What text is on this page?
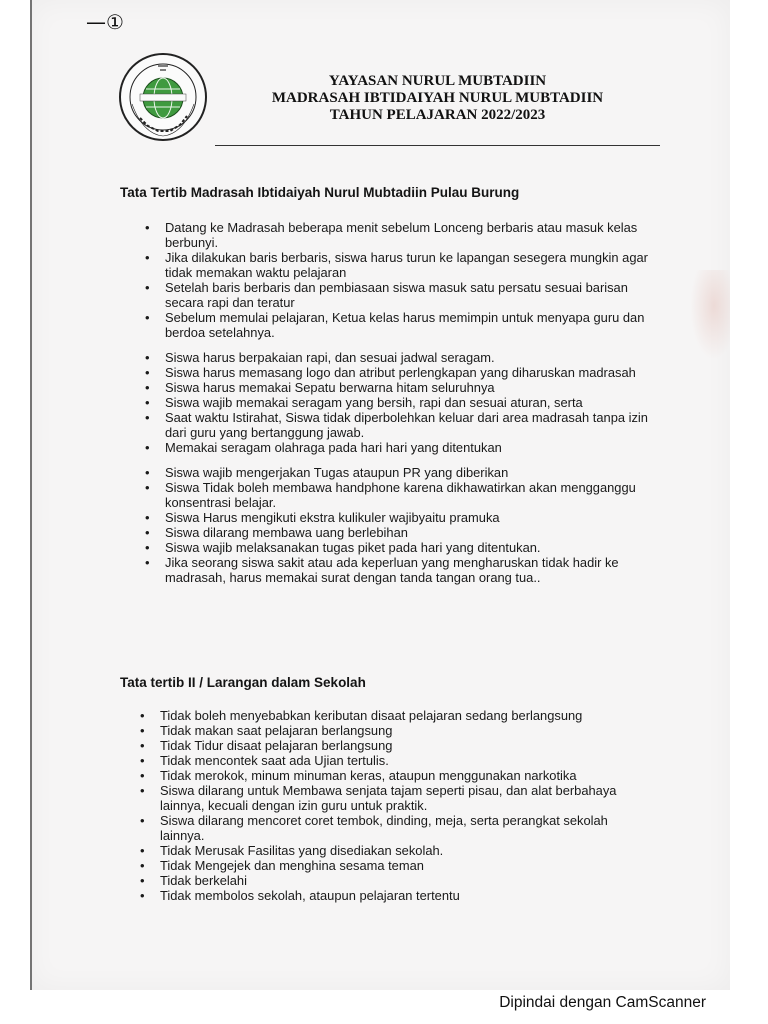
—①
YAYASAN NURUL MUBTADIIN
MADRASAH IBTIDAIYAH NURUL MUBTADIIN
TAHUN PELAJARAN 2022/2023
Tata Tertib Madrasah Ibtidaiyah Nurul Mubtadiin Pulau Burung
• Datang ke Madrasah beberapa menit sebelum Lonceng berbaris atau masuk kelas berbunyi.
• Jika dilakukan baris berbaris, siswa harus turun ke lapangan sesegera mungkin agar tidak memakan waktu pelajaran
• Setelah baris berbaris dan pembiasaan siswa masuk satu persatu sesuai barisan secara rapi dan teratur
• Sebelum memulai pelajaran, Ketua kelas harus memimpin untuk menyapa guru dan berdoa setelahnya.
• Siswa harus berpakaian rapi, dan sesuai jadwal seragam.
• Siswa harus memasang logo dan atribut perlengkapan yang diharuskan madrasah
• Siswa harus memakai Sepatu berwarna hitam seluruhnya
• Siswa wajib memakai seragam yang bersih, rapi dan sesuai aturan, serta
• Saat waktu Istirahat, Siswa tidak diperbolehkan keluar dari area madrasah tanpa izin dari guru yang bertanggung jawab.
• Memakai seragam olahraga pada hari hari yang ditentukan
• Siswa wajib mengerjakan Tugas ataupun PR yang diberikan
• Siswa Tidak boleh membawa handphone karena dikhawatirkan akan mengganggu konsentrasi belajar.
• Siswa Harus mengikuti ekstra kulikuler wajibyaitu pramuka
• Siswa dilarang membawa uang berlebihan
• Siswa wajib melaksanakan tugas piket pada hari yang ditentukan.
• Jika seorang siswa sakit atau ada keperluan yang mengharuskan tidak hadir ke madrasah, harus memakai surat dengan tanda tangan orang tua..
Tata tertib II / Larangan dalam Sekolah
• Tidak boleh menyebabkan keributan disaat pelajaran sedang berlangsung
• Tidak makan saat pelajaran berlangsung
• Tidak Tidur disaat pelajaran berlangsung
• Tidak mencontek saat ada Ujian tertulis.
• Tidak merokok, minum minuman keras, ataupun menggunakan narkotika
• Siswa dilarang untuk Membawa senjata tajam seperti pisau, dan alat berbahaya lainnya, kecuali dengan izin guru untuk praktik.
• Siswa dilarang mencoret coret tembok, dinding, meja, serta perangkat sekolah lainnya.
• Tidak Merusak Fasilitas yang disediakan sekolah.
• Tidak Mengejek dan menghina sesama teman
• Tidak berkelahi
• Tidak membolos sekolah, ataupun pelajaran tertentu
Dipindai dengan CamScanner
